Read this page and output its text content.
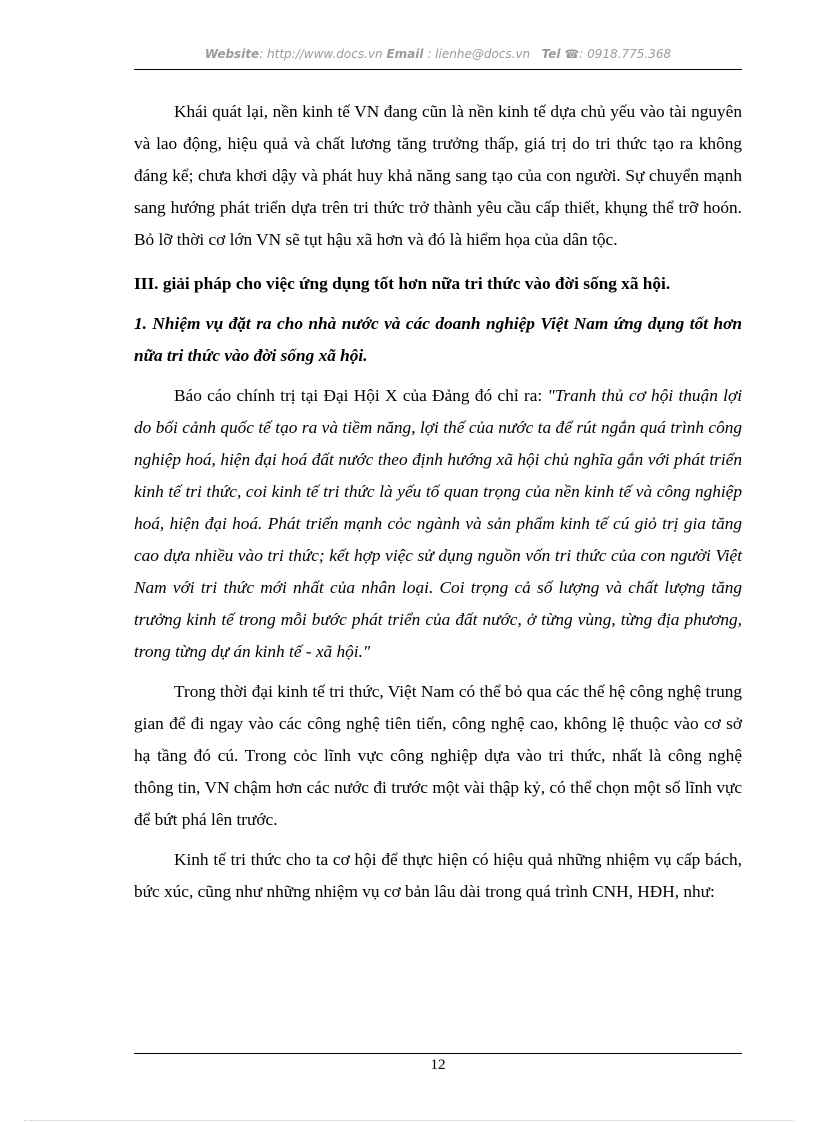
Website: http://www.docs.vn Email : lienhe@docs.vn Tel ☎: 0918.775.368

Khái quát lại, nền kinh tế VN đang cũn là nền kinh tế dựa chủ yếu vào tài nguyên và lao động, hiệu quả và chất lương tăng trưởng thấp, giá trị do tri thức tạo ra không đáng kể; chưa khơi dậy và phát huy khả năng sang tạo của con người. Sự chuyển mạnh sang hướng phát triển dựa trên tri thức trở thành yêu cầu cấp thiết, khụng thể trỡ hoón. Bỏ lỡ thời cơ lớn VN sẽ tụt hậu xã hơn và đó là hiểm họa của dân tộc.

III. giải pháp cho việc ứng dụng tốt hơn nữa tri thức vào đời sống xã hội.

1. Nhiệm vụ đặt ra cho nhà nước và các doanh nghiệp Việt Nam ứng dụng tốt hơn nữa tri thức vào đời sống xã hội.

Báo cáo chính trị tại Đại Hội X của Đảng đó chỉ ra: "Tranh thủ cơ hội thuận lợi do bối cảnh quốc tế tạo ra và tiềm năng, lợi thế của nước ta để rút ngắn quá trình công nghiệp hoá, hiện đại hoá đất nước theo định hướng xã hội chủ nghĩa gắn với phát triển kinh tế tri thức, coi kinh tế tri thức là yếu tố quan trọng của nền kinh tế và công nghiệp hoá, hiện đại hoá. Phát triển mạnh cỏc ngành và sản phẩm kinh tế cú giỏ trị gia tăng cao dựa nhiều vào tri thức; kết hợp việc sử dụng nguồn vốn tri thức của con người Việt Nam với tri thức mới nhất của nhân loại. Coi trọng cả số lượng và chất lượng tăng trưởng kinh tế trong mỗi bước phát triển của đất nước, ở từng vùng, từng địa phương, trong từng dự án kinh tế - xã hội."

Trong thời đại kinh tế tri thức, Việt Nam có thể bỏ qua các thế hệ công nghệ trung gian để đi ngay vào các công nghệ tiên tiến, công nghệ cao, không lệ thuộc vào cơ sở hạ tầng đó cú. Trong cỏc lĩnh vực công nghiệp dựa vào tri thức, nhất là công nghệ thông tin, VN chậm hơn các nước đi trước một vài thập kỷ, có thể chọn một số lĩnh vực để bứt phá lên trước.

Kinh tế tri thức cho ta cơ hội để thực hiện có hiệu quả những nhiệm vụ cấp bách, bức xúc, cũng như những nhiệm vụ cơ bản lâu dài trong quá trình CNH, HĐH, như:

12
